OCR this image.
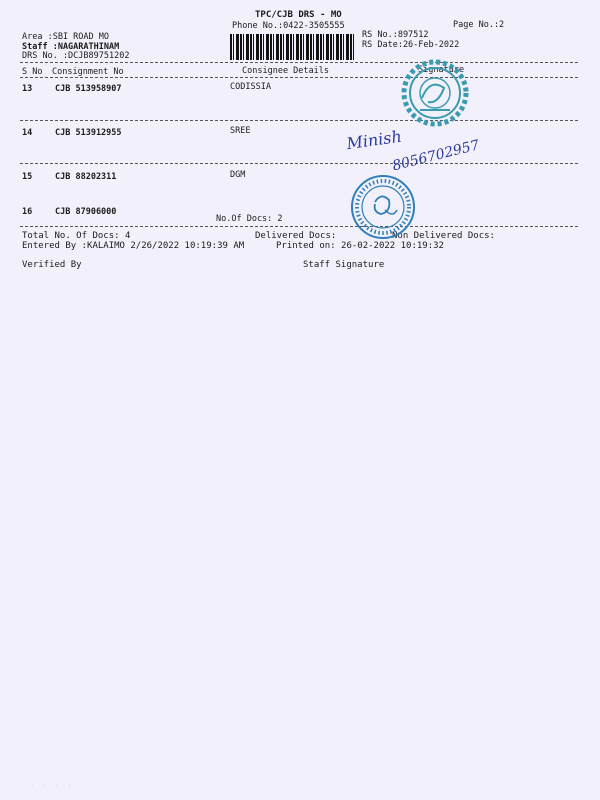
TPC/CJB DRS - MO
Phone No.:0422-3505555	Page No.:2
Area :SBI ROAD MO
Staff :NAGARATHINAM
DRS No. :DCJB89751202
RS No.:897512
RS Date:26-Feb-2022
S No Consignment No	Consignee Details	Signature
13	CJB 513958907	CODISSIA
14	CJB 513912955	SREE
15	CJB 88202311	DGM
16	CJB 87906000
No.Of Docs: 2
Total No. Of Docs: 4	Delivered Docs:	Non Delivered Docs:
Entered By :KALAIMO 2/26/2022 10:19:39 AM	Printed on: 26-02-2022 10:19:32
Verified By	Staff Signature
Minish
8056702957
· · · ·
